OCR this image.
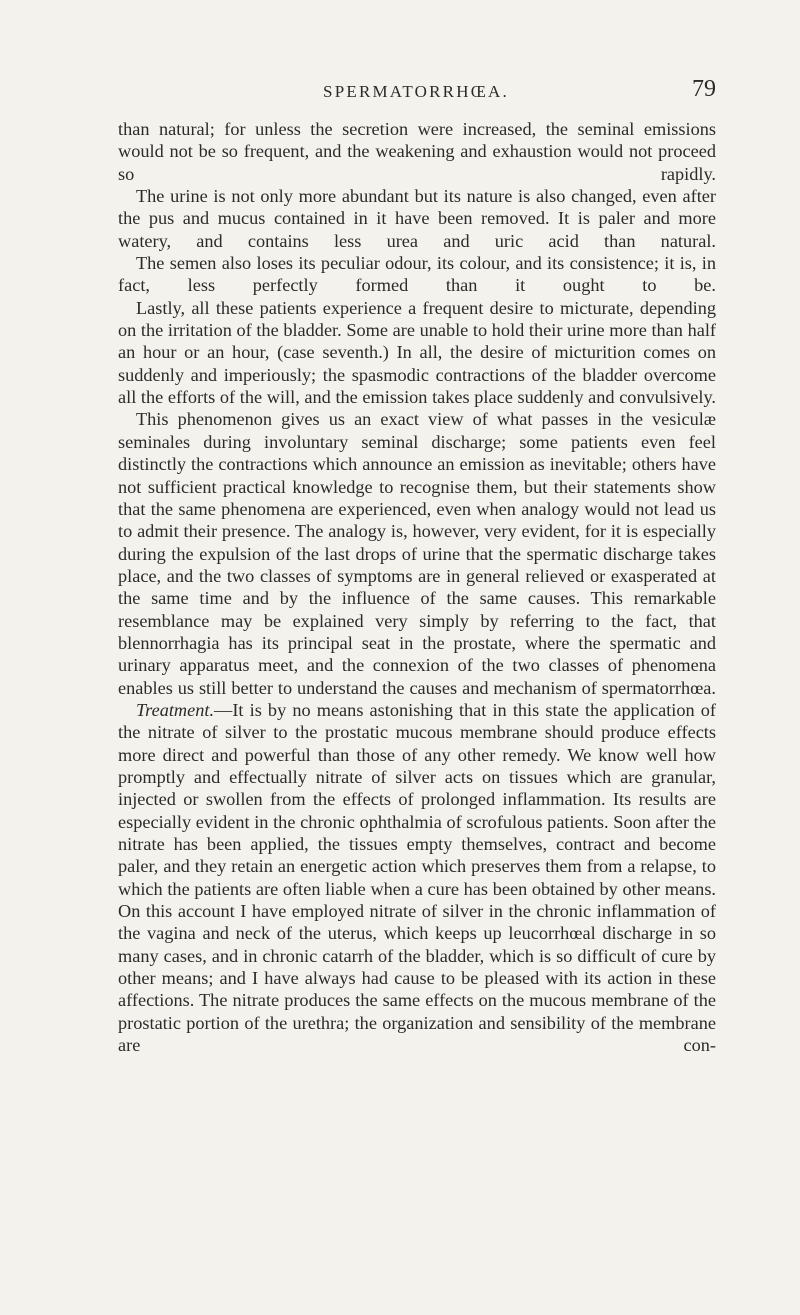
SPERMATORRHŒA.	79

than natural; for unless the secretion were increased, the seminal emissions would not be so frequent, and the weakening and exhaustion would not proceed so rapidly.

The urine is not only more abundant but its nature is also changed, even after the pus and mucus contained in it have been removed. It is paler and more watery, and contains less urea and uric acid than natural.

The semen also loses its peculiar odour, its colour, and its consistence; it is, in fact, less perfectly formed than it ought to be.

Lastly, all these patients experience a frequent desire to micturate, depending on the irritation of the bladder. Some are unable to hold their urine more than half an hour or an hour, (case seventh.) In all, the desire of micturition comes on suddenly and imperiously; the spasmodic contractions of the bladder overcome all the efforts of the will, and the emission takes place suddenly and convulsively.

This phenomenon gives us an exact view of what passes in the vesiculæ seminales during involuntary seminal discharge; some patients even feel distinctly the contractions which announce an emission as inevitable; others have not sufficient practical knowledge to recognise them, but their statements show that the same phenomena are experienced, even when analogy would not lead us to admit their presence. The analogy is, however, very evident, for it is especially during the expulsion of the last drops of urine that the spermatic discharge takes place, and the two classes of symptoms are in general relieved or exasperated at the same time and by the influence of the same causes. This remarkable resemblance may be explained very simply by referring to the fact, that blennorrhagia has its principal seat in the prostate, where the spermatic and urinary apparatus meet, and the connexion of the two classes of phenomena enables us still better to understand the causes and mechanism of spermatorrhœa.

Treatment.—It is by no means astonishing that in this state the application of the nitrate of silver to the prostatic mucous membrane should produce effects more direct and powerful than those of any other remedy. We know well how promptly and effectually nitrate of silver acts on tissues which are granular, injected or swollen from the effects of prolonged inflammation. Its results are especially evident in the chronic ophthalmia of scrofulous patients. Soon after the nitrate has been applied, the tissues empty themselves, contract and become paler, and they retain an energetic action which preserves them from a relapse, to which the patients are often liable when a cure has been obtained by other means. On this account I have employed nitrate of silver in the chronic inflammation of the vagina and neck of the uterus, which keeps up leucorrhœal discharge in so many cases, and in chronic catarrh of the bladder, which is so difficult of cure by other means; and I have always had cause to be pleased with its action in these affections. The nitrate produces the same effects on the mucous membrane of the prostatic portion of the urethra; the organization and sensibility of the membrane are con-
